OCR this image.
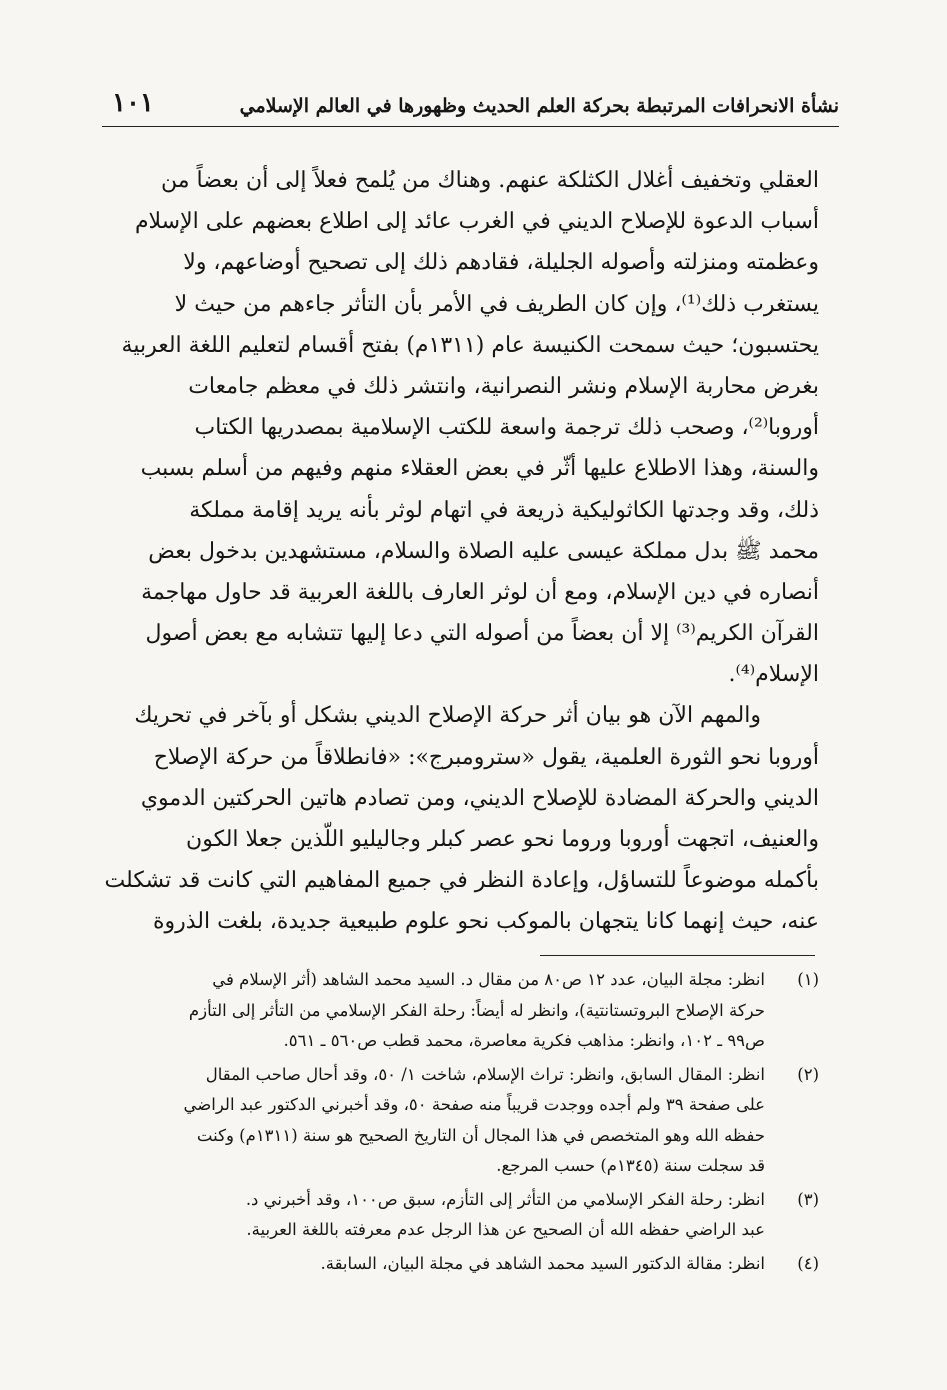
نشأة الانحرافات المرتبطة بحركة العلم الحديث وظهورها في العالم الإسلامي
١٠١
العقلي وتخفيف أغلال الكثلكة عنهم. وهناك من يُلمح فعلاً إلى أن بعضاً من
أسباب الدعوة للإصلاح الديني في الغرب عائد إلى اطلاع بعضهم على الإسلام
وعظمته ومنزلته وأصوله الجليلة، فقادهم ذلك إلى تصحيح أوضاعهم، ولا
يستغرب ذلك⁽¹⁾، وإن كان الطريف في الأمر بأن التأثر جاءهم من حيث لا
يحتسبون؛ حيث سمحت الكنيسة عام (١٣١١م) بفتح أقسام لتعليم اللغة العربية
بغرض محاربة الإسلام ونشر النصرانية، وانتشر ذلك في معظم جامعات
أوروبا⁽²⁾، وصحب ذلك ترجمة واسعة للكتب الإسلامية بمصدريها الكتاب
والسنة، وهذا الاطلاع عليها أثّر في بعض العقلاء منهم وفيهم من أسلم بسبب
ذلك، وقد وجدتها الكاثوليكية ذريعة في اتهام لوثر بأنه يريد إقامة مملكة
محمد ﷺ بدل مملكة عيسى عليه الصلاة والسلام، مستشهدين بدخول بعض
أنصاره في دين الإسلام، ومع أن لوثر العارف باللغة العربية قد حاول مهاجمة
القرآن الكريم⁽³⁾ إلا أن بعضاً من أصوله التي دعا إليها تتشابه مع بعض أصول
الإسلام⁽⁴⁾.
والمهم الآن هو بيان أثر حركة الإصلاح الديني بشكل أو بآخر في تحريك
أوروبا نحو الثورة العلمية، يقول «سترومبرج»: «فانطلاقاً من حركة الإصلاح
الديني والحركة المضادة للإصلاح الديني، ومن تصادم هاتين الحركتين الدموي
والعنيف، اتجهت أوروبا وروما نحو عصر كبلر وجاليليو اللّذين جعلا الكون
بأكمله موضوعاً للتساؤل، وإعادة النظر في جميع المفاهيم التي كانت قد تشكلت
عنه، حيث إنهما كانا يتجهان بالموكب نحو علوم طبيعية جديدة، بلغت الذروة
(١)
انظر: مجلة البيان، عدد ١٢ ص٨٠ من مقال د. السيد محمد الشاهد (أثر الإسلام في
حركة الإصلاح البروتستانتية)، وانظر له أيضاً: رحلة الفكر الإسلامي من التأثر إلى التأزم
ص٩٩ ـ ١٠٢، وانظر: مذاهب فكرية معاصرة، محمد قطب ص٥٦٠ ـ ٥٦١.
(٢)
انظر: المقال السابق، وانظر: تراث الإسلام، شاخت ١/ ٥٠، وقد أحال صاحب المقال
على صفحة ٣٩ ولم أجده ووجدت قريباً منه صفحة ٥٠، وقد أخبرني الدكتور عبد الراضي
حفظه الله وهو المتخصص في هذا المجال أن التاريخ الصحيح هو سنة (١٣١١م) وكنت
قد سجلت سنة (١٣٤٥م) حسب المرجع.
(٣)
انظر: رحلة الفكر الإسلامي من التأثر إلى التأزم، سبق ص١٠٠، وقد أخبرني د.
عبد الراضي حفظه الله أن الصحيح عن هذا الرجل عدم معرفته باللغة العربية.
(٤)
انظر: مقالة الدكتور السيد محمد الشاهد في مجلة البيان، السابقة.
